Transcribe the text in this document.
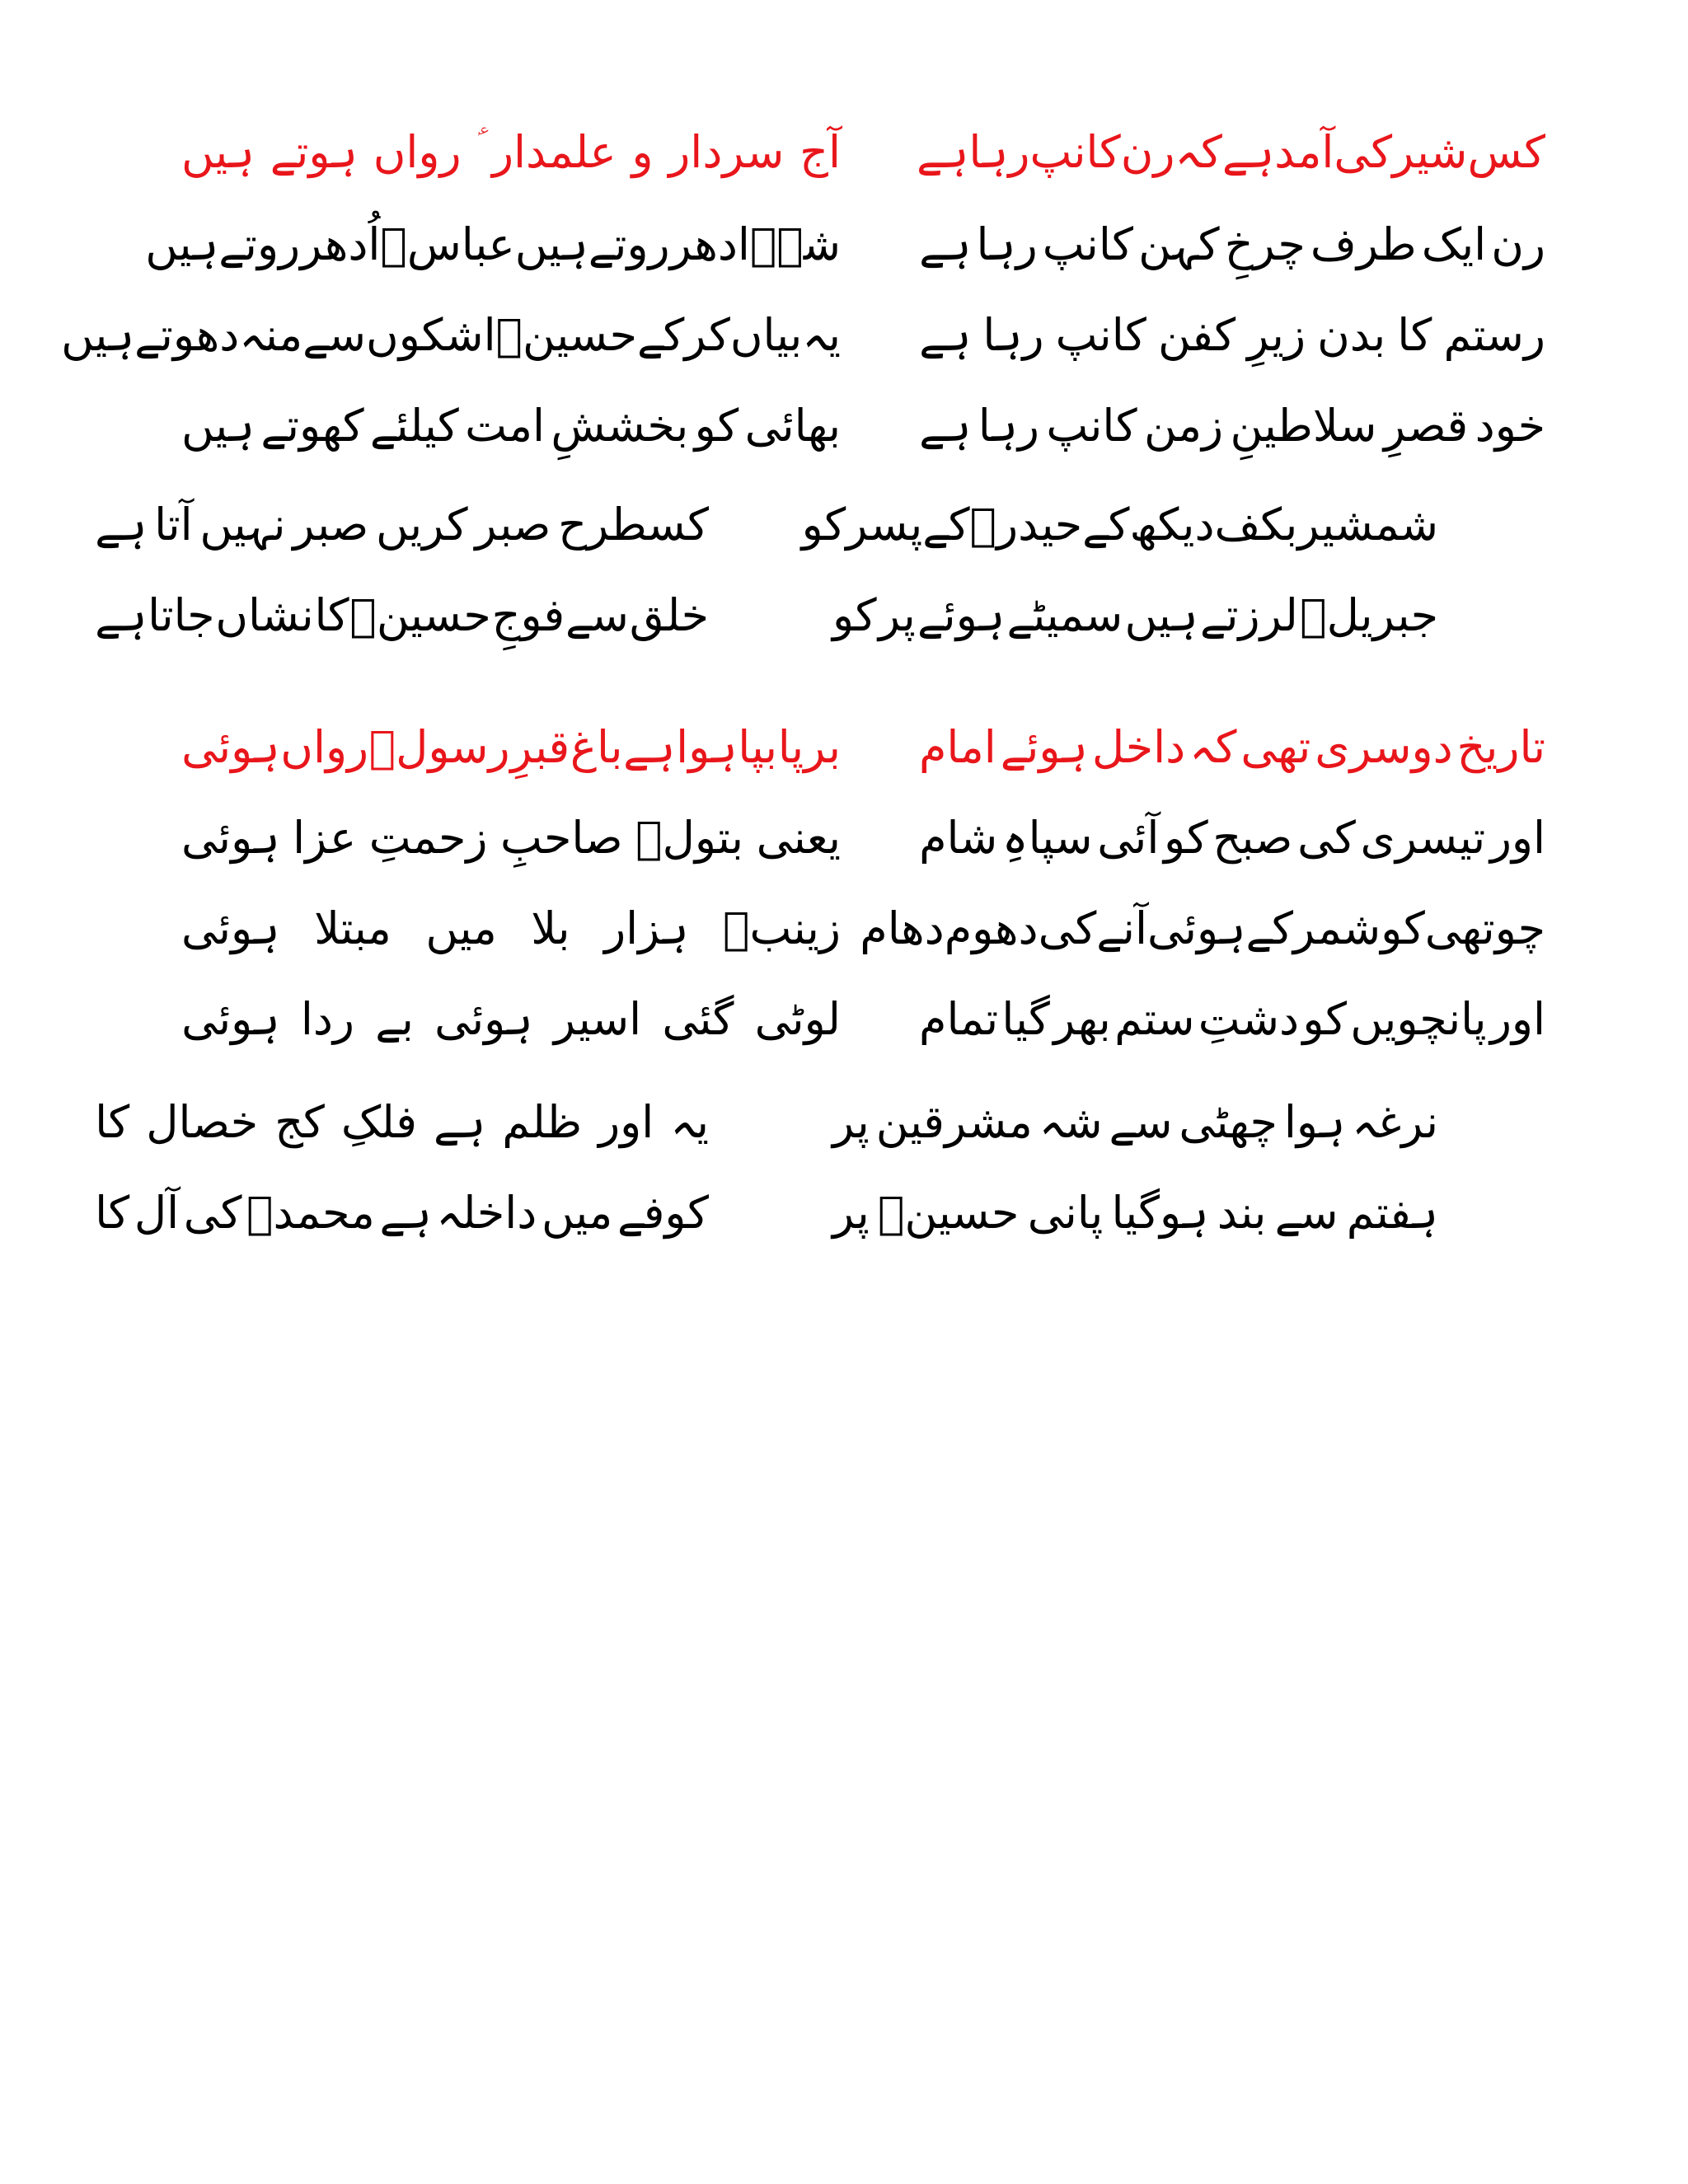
کس
شیر
کی
آمد
ہے
کہ
رن
کانپ
رہا
ہے
آج
سردار
و
علمدار
رواں
ہوتے
ہیں
رن
ایک
طرف
چرخِ
کہن
کانپ
رہا
ہے
شہؑ
ادھر
روتے
ہیں
عباسؑ
اُدھر
روتے
ہیں
رستم
کا
بدن
زیرِ
کفن
کانپ
رہا
ہے
یہ
بیاں
کرکے
حسینؑ
اشکوں
سے
منہ
دھوتے
ہیں
خود
قصرِ
سلاطینِ
زمن
کانپ
رہا
ہے
بھائی
کو
بخششِ
امت
کیلئے
کھوتے
ہیں
شمشیر
بکف
دیکھ
کے
حیدرؑ
کے
پسر
کو
کسطرح
صبر
کریں
صبر
نہیں
آتا
ہے
جبریلؑ
لرزتے
ہیں
سمیٹے
ہوئے
پر
کو
خلق
سے
فوجِ
حسینؑ
کا
نشاں
جاتا
ہے
تاریخ
دوسری
تھی
کہ
داخل
ہوئے
امام
برپا
بپا
ہوا
ہے
باغ
قبرِ
رسولؐ
رواں
ہوئی
اور
تیسری
کی
صبح
کو
آئی
سپاہِ
شام
یعنی
بتولؑ
صاحبِ
زحمتِ
عزا
ہوئی
چوتھی
کو
شمر
کے
ہوئی
آنے
کی
دھوم
دھام
زینبؑ
ہزار
بلا
میں
مبتلا
ہوئی
اور
پانچویں
کو
دشتِ
ستم
بھر
گیا
تمام
لوٹی
گئی
اسیر
ہوئی
بے
ردا
ہوئی
نرغہ
ہوا
چھٹی
سے
شہ
مشرقین
پر
یہ
اور
ظلم
ہے
فلکِ
کج
خصال
کا
ہفتم
سے
بند
ہوگیا
پانی
حسینؑ
پر
کوفے
میں
داخلہ
ہے
محمدؐ
کی
آل
کا
